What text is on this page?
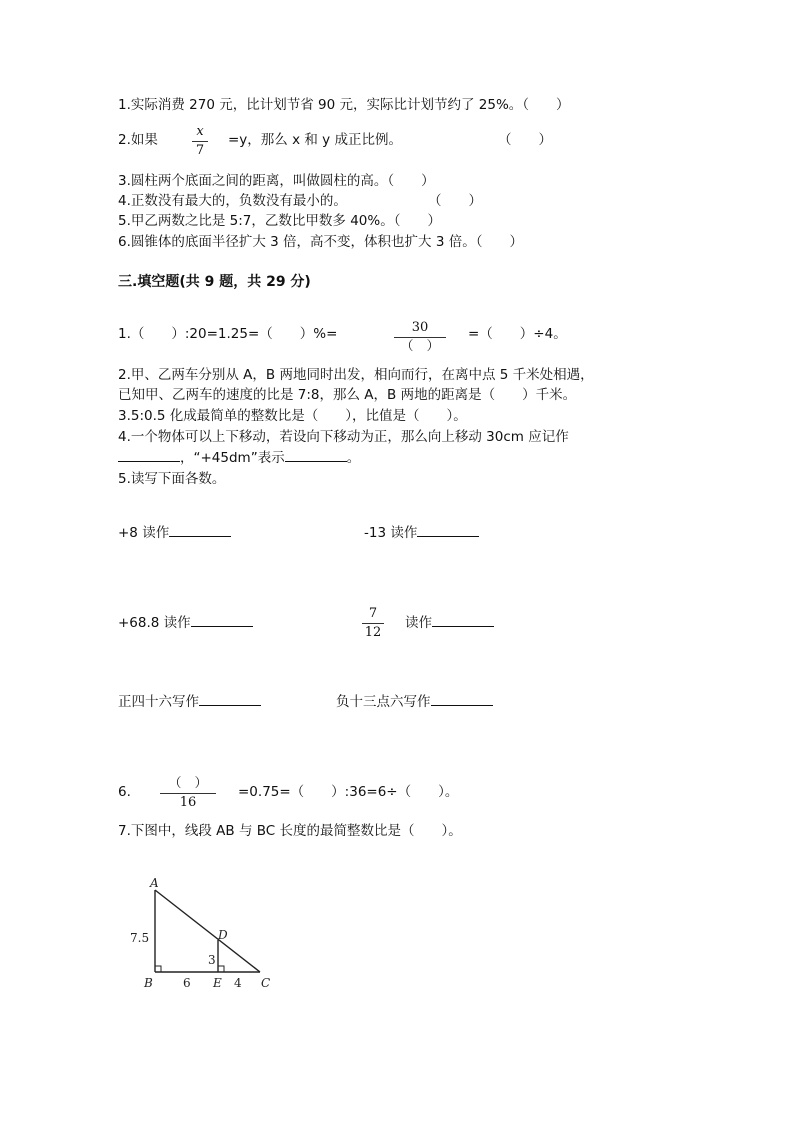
1.实际消费 270 元，比计划节省 90 元，实际比计划节约了 25%。（　　）
2.如果
x
7
=y，那么 x 和 y 成正比例。	（　　）
3.圆柱两个底面之间的距离，叫做圆柱的高。（　　）
4.正数没有最大的，负数没有最小的。	（　　）
5.甲乙两数之比是 5:7，乙数比甲数多 40%。（　　）
6.圆锥体的底面半径扩大 3 倍，高不变，体积也扩大 3 倍。（　　）
三.填空题(共 9 题，共 29 分)
1.（　　）:20=1.25=（　　）%=	30
（　）
=（　　）÷4。
2.甲、乙两车分别从 A，B 两地同时出发，相向而行，在离中点 5 千米处相遇，
已知甲、乙两车的速度的比是 7:8，那么 A，B 两地的距离是（　　）千米。
3.5:0.5 化成最简单的整数比是（　　），比值是（　　）。
4.一个物体可以上下移动，若设向下移动为正，那么向上移动 30cm 应记作
，“+45dm”表示	。
5.读写下面各数。
+8 读作	-13 读作
+68.8 读作
7
12
读作
正四十六写作	负十三点六写作
6.
（　）
16
=0.75=（　　）:36=6÷（　　）。
7.下图中，线段 AB 与 BC 长度的最简整数比是（　　）。
A
B	C
D
E
7.5
6	4
3
